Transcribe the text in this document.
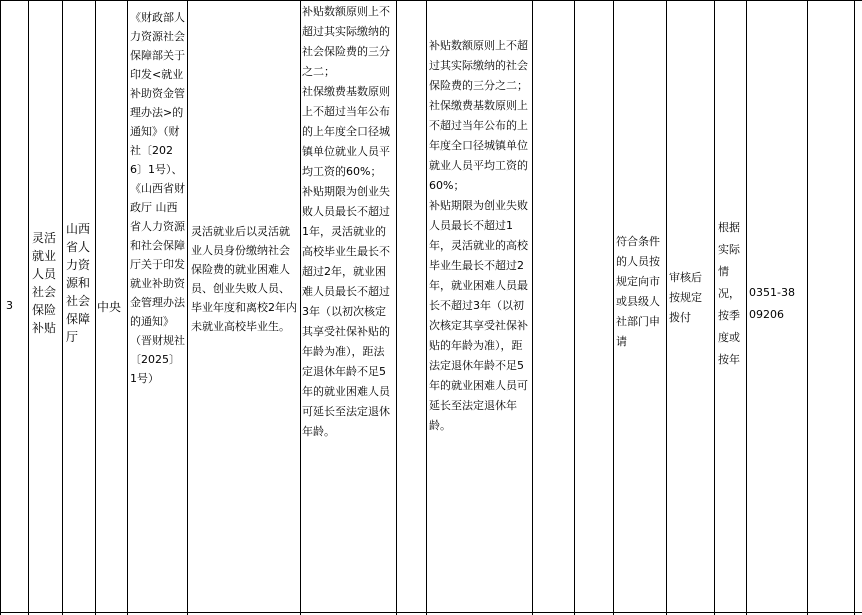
3
灵活就业人员社会保险补贴
山西省人力资源和社会保障厅
中央
《财政部人力资源社会保障部关于印发<就业补助资金管理办法>的通知》（财社〔2026〕1号）、《山西省财政厅 山西省人力资源和社会保障厅关于印发就业补助资金管理办法的通知》（晋财规社〔2025〕1号）
灵活就业后以灵活就业人员身份缴纳社会保险费的就业困难人员、创业失败人员、毕业年度和离校2年内未就业高校毕业生。
补贴数额原则上不超过其实际缴纳的社会保险费的三分之二；
社保缴费基数原则上不超过当年公布的上年度全口径城镇单位就业人员平均工资的60%；
补贴期限为创业失败人员最长不超过1年，灵活就业的高校毕业生最长不超过2年，就业困难人员最长不超过3年（以初次核定其享受社保补贴的年龄为准），距法定退休年龄不足5年的就业困难人员可延长至法定退休年龄。
补贴数额原则上不超过其实际缴纳的社会保险费的三分之二；
社保缴费基数原则上不超过当年公布的上年度全口径城镇单位就业人员平均工资的60%；
补贴期限为创业失败人员最长不超过1年，灵活就业的高校毕业生最长不超过2年，就业困难人员最长不超过3年（以初次核定其享受社保补贴的年龄为准），距法定退休年龄不足5年的就业困难人员可延长至法定退休年龄。
符合条件的人员按规定向市或县级人社部门申请
审核后按规定拨付
根据实际情况，按季度或按年
0351-3809206
